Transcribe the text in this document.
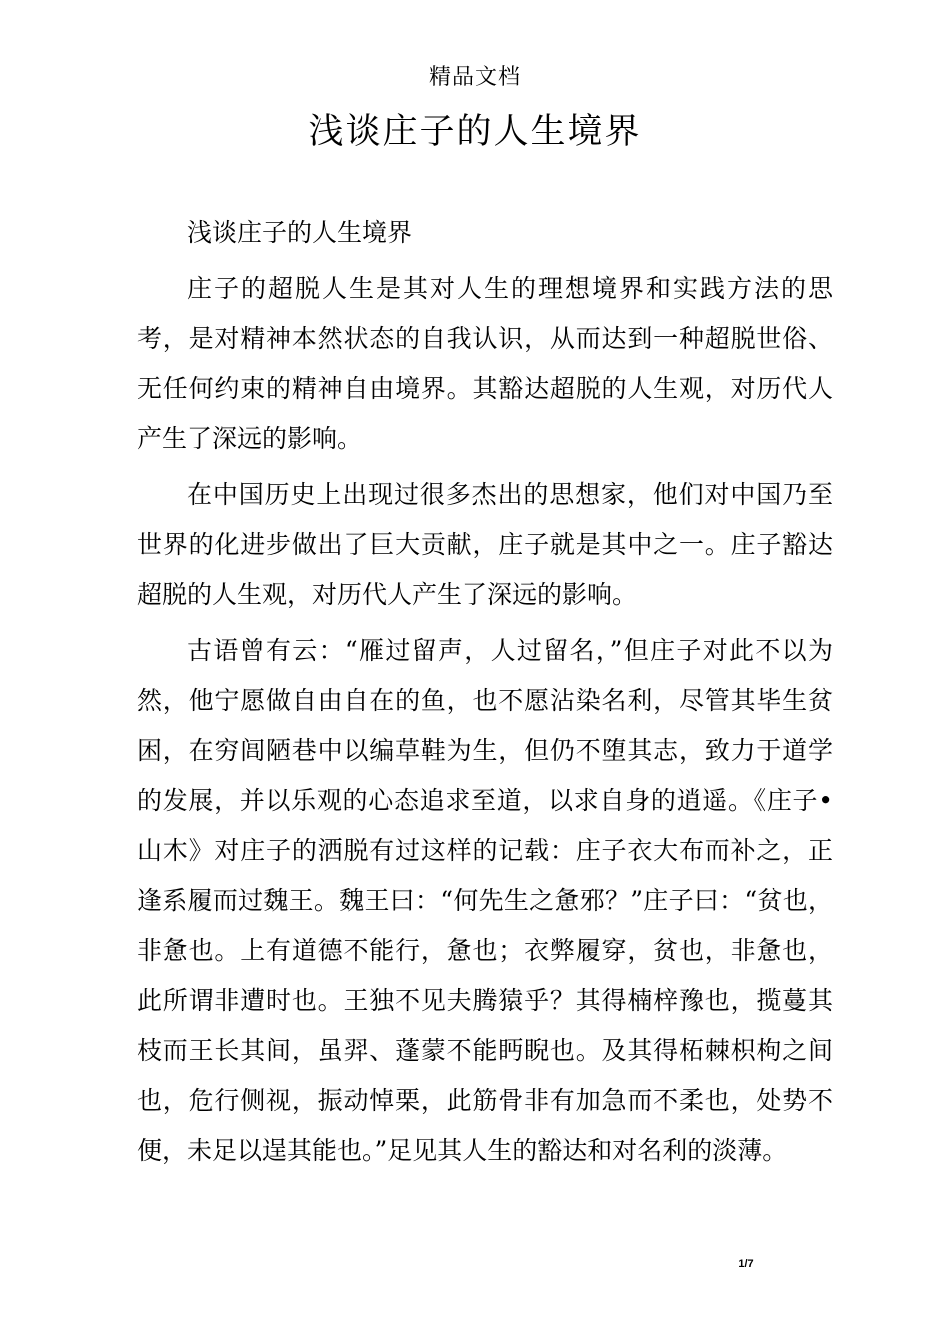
精品文档
浅谈庄子的人生境界

浅谈庄子的人生境界

庄子的超脱人生是其对人生的理想境界和实践方法的思考，是对精神本然状态的自我认识，从而达到一种超脱世俗、无任何约束的精神自由境界。其豁达超脱的人生观，对历代人产生了深远的影响。

在中国历史上出现过很多杰出的思想家，他们对中国乃至世界的化进步做出了巨大贡献，庄子就是其中之一。庄子豁达超脱的人生观，对历代人产生了深远的影响。

古语曾有云：“雁过留声，人过留名，”但庄子对此不以为然，他宁愿做自由自在的鱼，也不愿沾染名利，尽管其毕生贫困，在穷闾陋巷中以编草鞋为生，但仍不堕其志，致力于道学的发展，并以乐观的心态追求至道，以求自身的逍遥。《庄子•山木》对庄子的洒脱有过这样的记载：庄子衣大布而补之，正逢系履而过魏王。魏王曰：“何先生之惫邪？”庄子曰：“贫也，非惫也。上有道德不能行，惫也；衣弊履穿，贫也，非惫也，此所谓非遭时也。王独不见夫腾猿乎？其得楠梓豫也，揽蔓其枝而王长其间，虽羿、蓬蒙不能眄睨也。及其得柘棘枳枸之间也，危行侧视，振动悼栗，此筋骨非有加急而不柔也，处势不便，未足以逞其能也。”足见其人生的豁达和对名利的淡薄。

1/7
